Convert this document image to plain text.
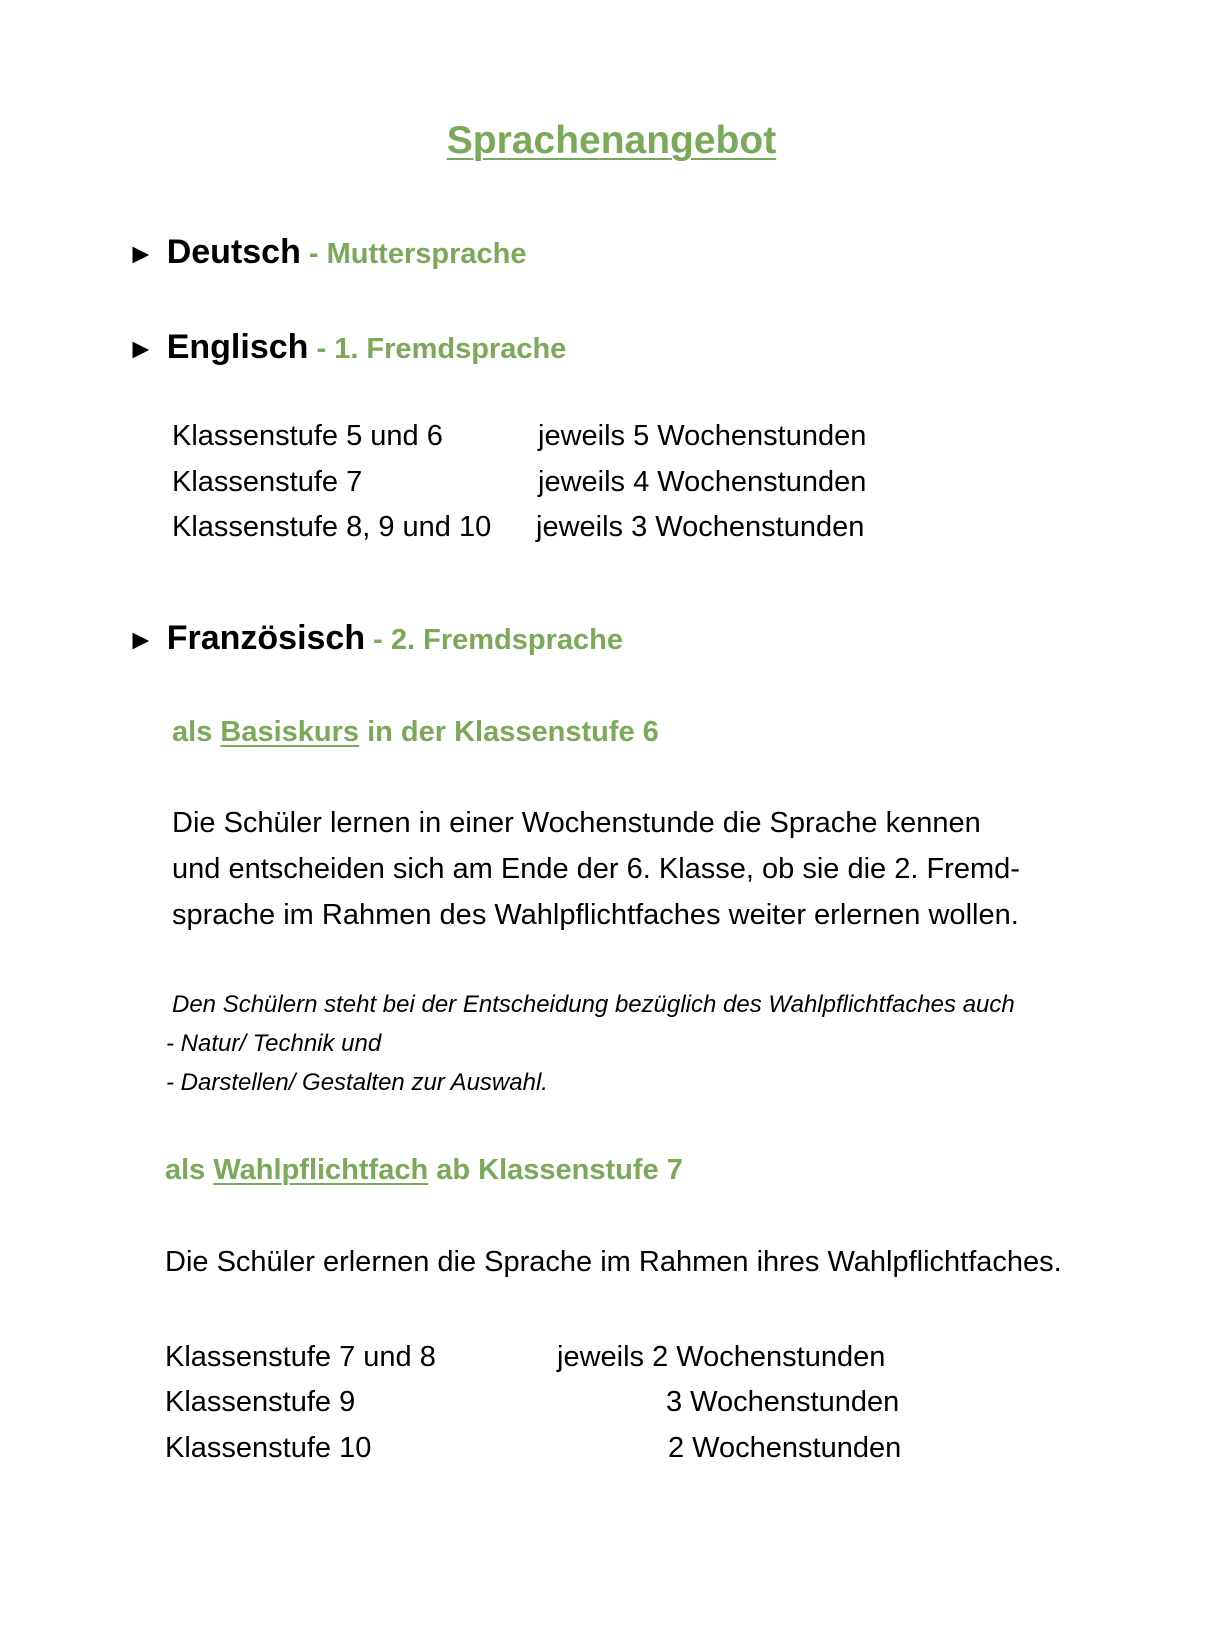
Sprachenangebot
► Deutsch - Muttersprache
► Englisch - 1. Fremdsprache
Klassenstufe 5 und 6	jeweils 5 Wochenstunden
Klassenstufe 7	jeweils 4 Wochenstunden
Klassenstufe 8, 9 und 10 jeweils 3 Wochenstunden
► Französisch - 2. Fremdsprache
als Basiskurs in der Klassenstufe 6
Die Schüler lernen in einer Wochenstunde die Sprache kennen
und entscheiden sich am Ende der 6. Klasse, ob sie die 2. Fremd-
sprache im Rahmen des Wahlpflichtfaches weiter erlernen wollen.
Den Schülern steht bei der Entscheidung bezüglich des Wahlpflichtfaches auch
- Natur/ Technik und
- Darstellen/ Gestalten zur Auswahl.
als Wahlpflichtfach ab Klassenstufe 7
Die Schüler erlernen die Sprache im Rahmen ihres Wahlpflichtfaches.
Klassenstufe 7 und 8	jeweils 2 Wochenstunden
Klassenstufe 9	3 Wochenstunden
Klassenstufe 10	2 Wochenstunden
